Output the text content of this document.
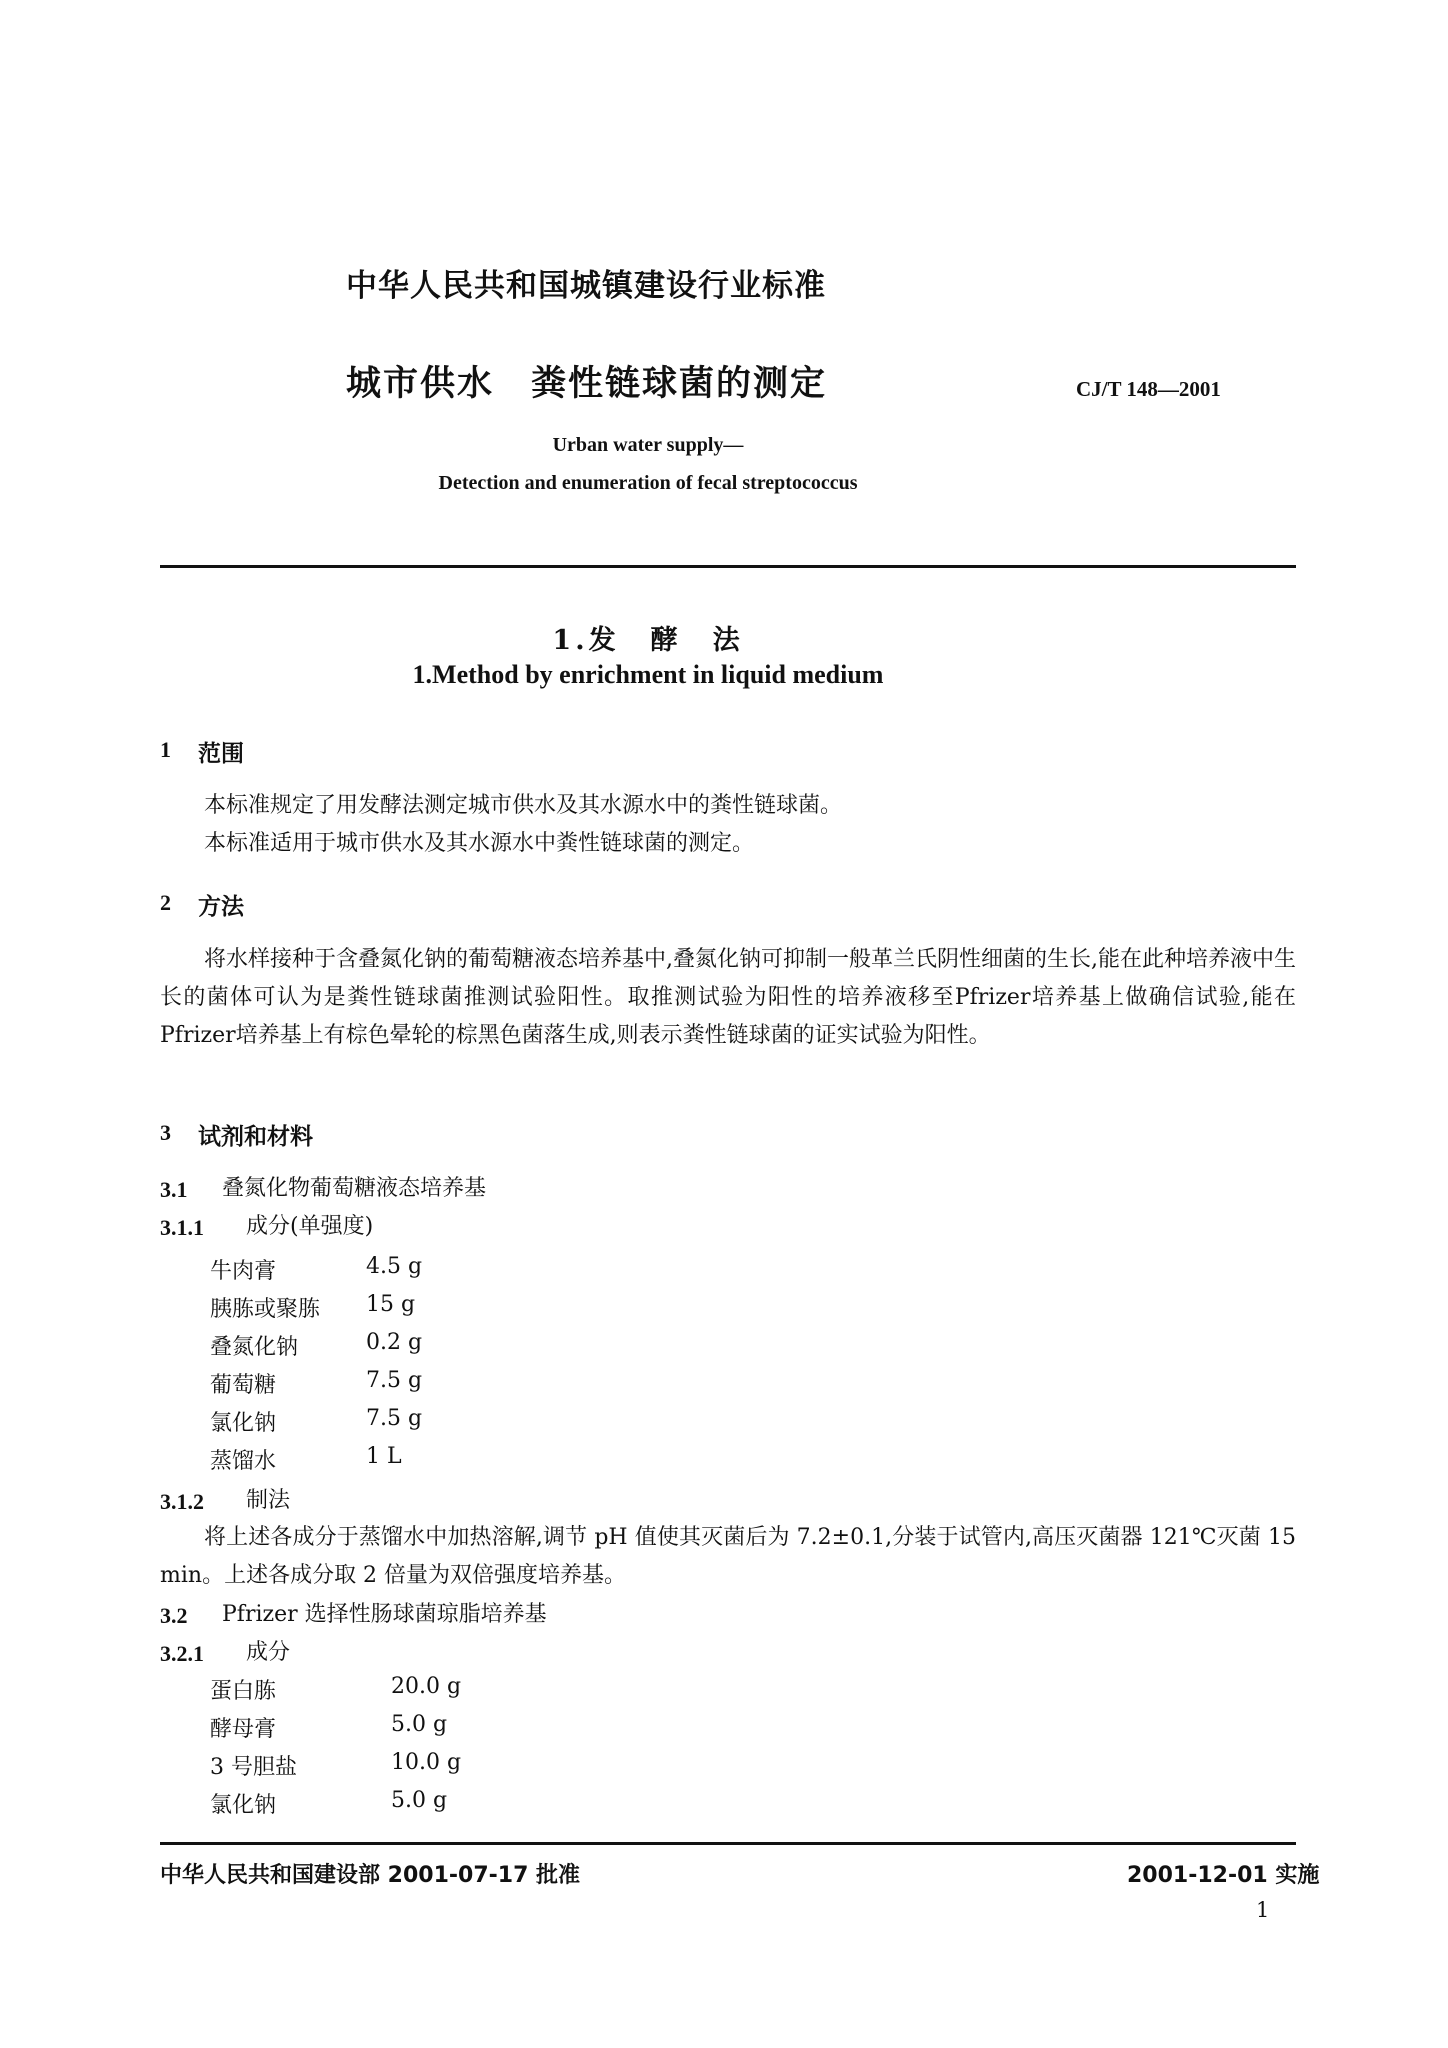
中华人民共和国城镇建设行业标准
城市供水　粪性链球菌的测定	CJ/T 148—2001
Urban water supply—
Detection and enumeration of fecal streptococcus
1.发　酵　法
1.Method by enrichment in liquid medium
1 范围
本标准规定了用发酵法测定城市供水及其水源水中的粪性链球菌。
本标准适用于城市供水及其水源水中粪性链球菌的测定。
2 方法
将水样接种于含叠氮化钠的葡萄糖液态培养基中,叠氮化钠可抑制一般革兰氏阴性细菌的生长,能在此种培养液中生长的菌体可认为是粪性链球菌推测试验阳性。取推测试验为阳性的培养液移至Pfrizer培养基上做确信试验,能在Pfrizer培养基上有棕色晕轮的棕黑色菌落生成,则表示粪性链球菌的证实试验为阳性。
3 试剂和材料
3.1 叠氮化物葡萄糖液态培养基
3.1.1 成分(单强度)
牛肉膏	4.5 g
胰胨或聚胨 15 g
叠氮化钠	0.2 g
葡萄糖	7.5 g
氯化钠	7.5 g
蒸馏水	1 L
3.1.2 制法
将上述各成分于蒸馏水中加热溶解,调节 pH 值使其灭菌后为 7.2±0.1,分装于试管内,高压灭菌器 121℃灭菌 15 min。上述各成分取 2 倍量为双倍强度培养基。
3.2 Pfrizer 选择性肠球菌琼脂培养基
3.2.1 成分
蛋白胨	20.0 g
酵母膏	5.0 g
3 号胆盐	10.0 g
氯化钠	5.0 g
中华人民共和国建设部 2001-07-17 批准	2001-12-01 实施
1
